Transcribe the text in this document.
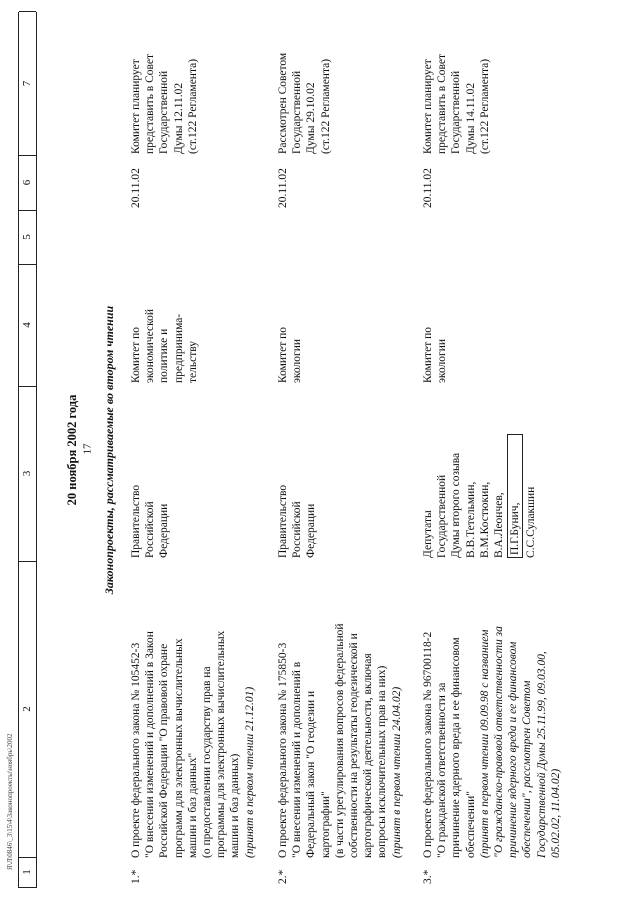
17
Я\Л\0846\_3\15\4\Законопроекты\ноябрь\2002
1
2
3
4
5
6
7
20 ноября 2002 года Законопроекты, рассматриваемые во втором чтении
1.*
О проекте федерального закона № 105452-3 "О внесении изменений и дополнений в Закон Российской Федерации "О правовой охране программ для электронных вычислительных машин и баз данных" (о предоставлении государству прав на программы для электронных вычислительных машин и баз данных) (принят в первом чтении 21.12.01)
Правительство Российской Федерации
Комитет по экономической политике и предпринима- тельству
20.11.02
Комитет планирует представить в Совет Государственной Думы 12.11.02 (ст.122 Регламента)
2.*
О проекте федерального закона № 175850-3 "О внесении изменений и дополнений в Федеральный закон "О геодезии и картографии" (в части урегулирования вопросов федеральной собственности на результаты геодезической и картографической деятельности, включая вопросы исключительных прав на них) (принят в первом чтении 24.04.02)
Правительство Российской Федерации
Комитет по экологии
20.11.02
Рассмотрен Советом Государственной Думы 29.10.02 (ст.122 Регламента)
3.*
О проекте федерального закона № 96700118-2 "О гражданской ответственности за причинение ядерного вреда и ее финансовом обеспечении" (принят в первом чтении 09.09.98 с названием "О гражданско-правовой ответственности за причинение ядерного вреда и ее финансовом обеспечении", рассмотрен Советом Государственной Думы 25.11.99, 09.03.00, 05.02.02, 11.04.02)
Депутаты Государственной Думы второго созыва В.В.Тетельмин, В.М.Костюкин, В.А.Леончев, П.Г.Бунич, С.С.Сулакшин
Комитет по экологии
20.11.02
Комитет планирует представить в Совет Государственной Думы 14.11.02 (ст.122 Регламента)
